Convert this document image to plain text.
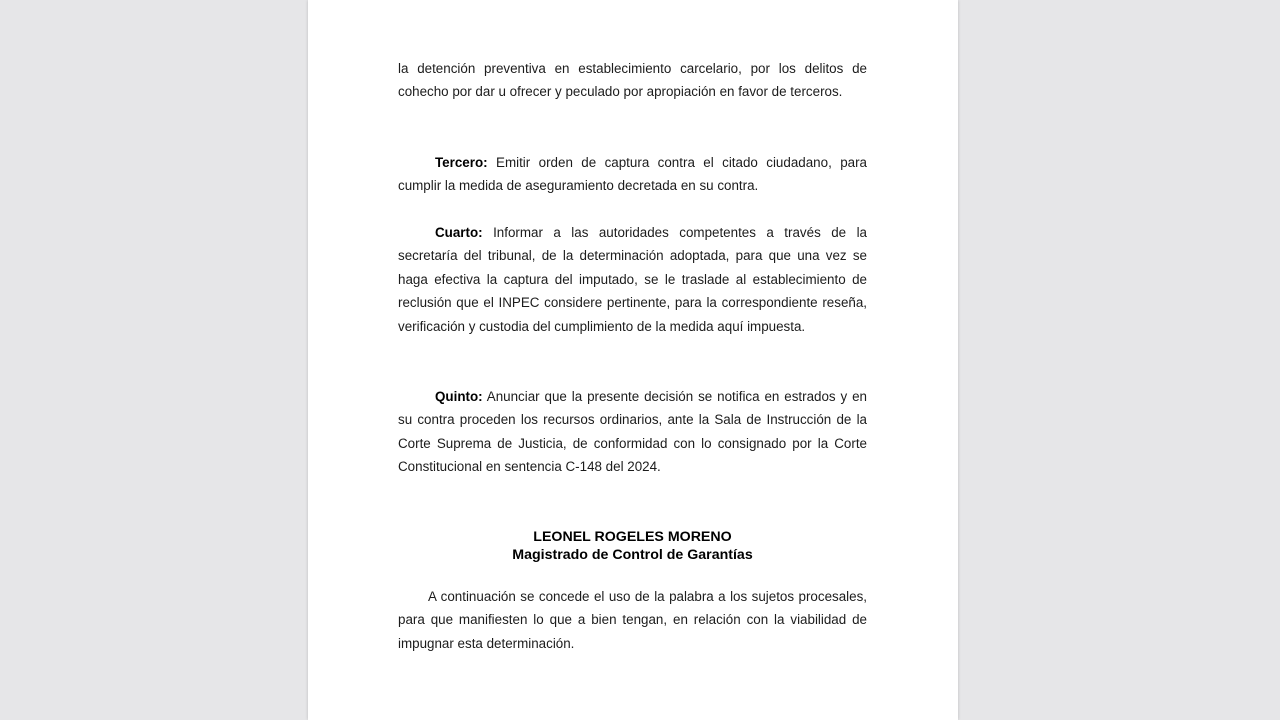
la detención preventiva en establecimiento carcelario, por los delitos de cohecho por dar u ofrecer y peculado por apropiación en favor de terceros.
Tercero: Emitir orden de captura contra el citado ciudadano, para cumplir la medida de aseguramiento decretada en su contra.
Cuarto: Informar a las autoridades competentes a través de la secretaría del tribunal, de la determinación adoptada, para que una vez se haga efectiva la captura del imputado, se le traslade al establecimiento de reclusión que el INPEC considere pertinente, para la correspondiente reseña, verificación y custodia del cumplimiento de la medida aquí impuesta.
Quinto: Anunciar que la presente decisión se notifica en estrados y en su contra proceden los recursos ordinarios, ante la Sala de Instrucción de la Corte Suprema de Justicia, de conformidad con lo consignado por la Corte Constitucional en sentencia C-148 del 2024.
LEONEL ROGELES MORENO
Magistrado de Control de Garantías
A continuación se concede el uso de la palabra a los sujetos procesales, para que manifiesten lo que a bien tengan, en relación con la viabilidad de impugnar esta determinación.
